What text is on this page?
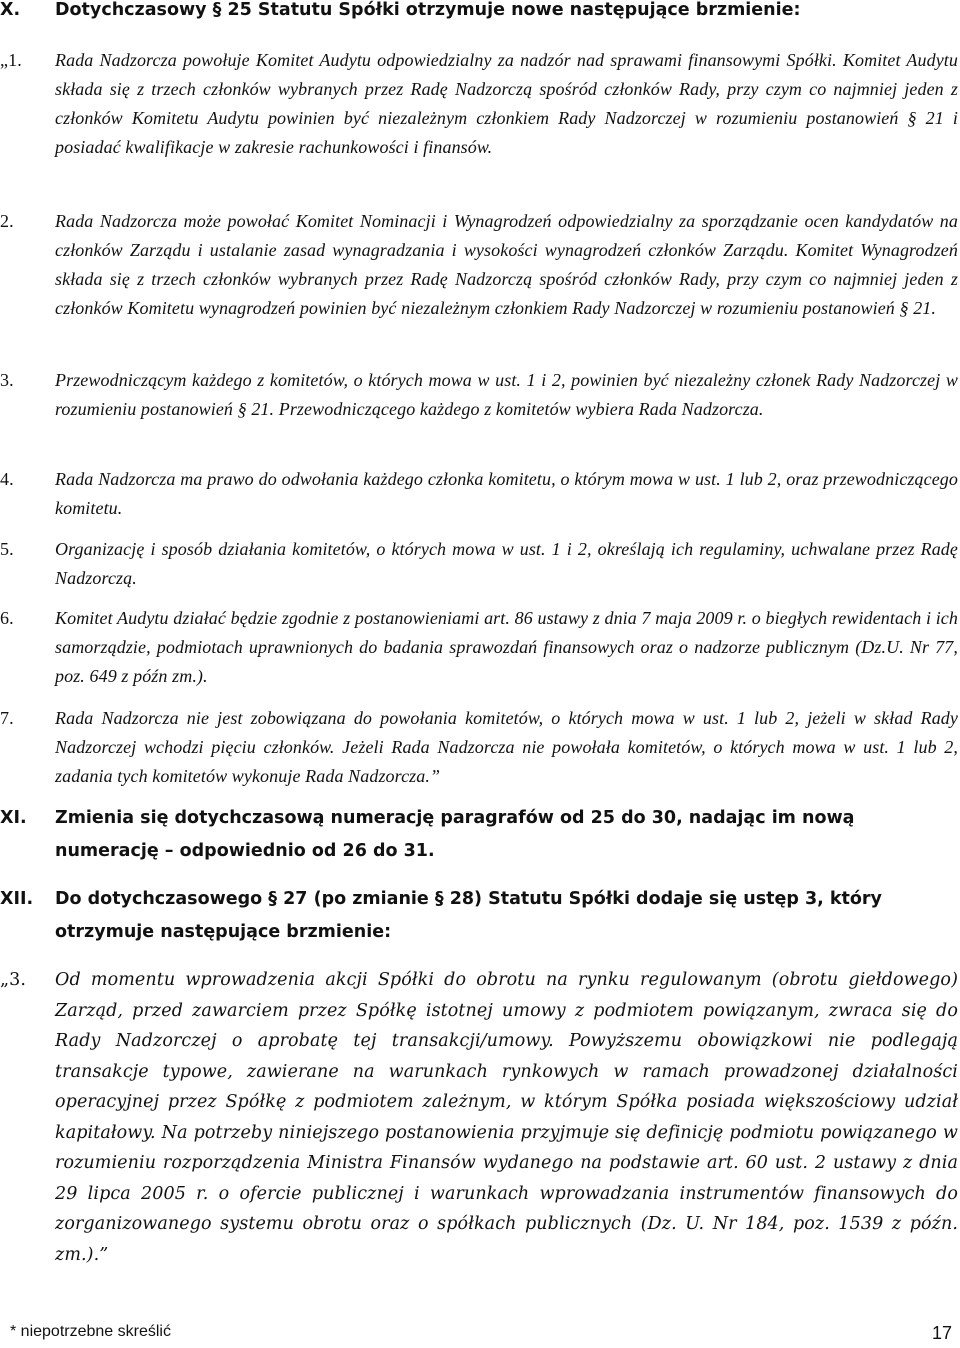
X.	Dotychczasowy § 25 Statutu Spółki otrzymuje nowe następujące brzmienie:
„1.	Rada Nadzorcza powołuje Komitet Audytu odpowiedzialny za nadzór nad sprawami finansowymi Spółki. Komitet Audytu składa się z trzech członków wybranych przez Radę Nadzorczą spośród członków Rady, przy czym co najmniej jeden z członków Komitetu Audytu powinien być niezależnym członkiem Rady Nadzorczej w rozumieniu postanowień § 21 i posiadać kwalifikacje w zakresie rachunkowości i finansów.
2.	Rada Nadzorcza może powołać Komitet Nominacji i Wynagrodzeń odpowiedzialny za sporządzanie ocen kandydatów na członków Zarządu i ustalanie zasad wynagradzania i wysokości wynagrodzeń członków Zarządu. Komitet Wynagrodzeń składa się z trzech członków wybranych przez Radę Nadzorczą spośród członków Rady, przy czym co najmniej jeden z członków Komitetu wynagrodzeń powinien być niezależnym członkiem Rady Nadzorczej w rozumieniu postanowień § 21.
3.	Przewodniczącym każdego z komitetów, o których mowa w ust. 1 i 2, powinien być niezależny członek Rady Nadzorczej w rozumieniu postanowień § 21. Przewodniczącego każdego z komitetów wybiera Rada Nadzorcza.
4.	Rada Nadzorcza ma prawo do odwołania każdego członka komitetu, o którym mowa w ust. 1 lub 2, oraz przewodniczącego komitetu.
5.	Organizację i sposób działania komitetów, o których mowa w ust. 1 i 2, określają ich regulaminy, uchwalane przez Radę Nadzorczą.
6.	Komitet Audytu działać będzie zgodnie z postanowieniami art. 86 ustawy z dnia 7 maja 2009 r. o biegłych rewidentach i ich samorządzie, podmiotach uprawnionych do badania sprawozdań finansowych oraz o nadzorze publicznym (Dz.U. Nr 77, poz. 649 z późn zm.).
7.	Rada Nadzorcza nie jest zobowiązana do powołania komitetów, o których mowa w ust. 1 lub 2, jeżeli w skład Rady Nadzorczej wchodzi pięciu członków. Jeżeli Rada Nadzorcza nie powołała komitetów, o których mowa w ust. 1 lub 2, zadania tych komitetów wykonuje Rada Nadzorcza.”
XI.	Zmienia się dotychczasową numerację paragrafów od 25 do 30, nadając im nową numerację – odpowiednio od 26 do 31.
XII.	Do dotychczasowego § 27 (po zmianie § 28) Statutu Spółki dodaje się ustęp 3, który otrzymuje następujące brzmienie:
„3.	Od momentu wprowadzenia akcji Spółki do obrotu na rynku regulowanym (obrotu giełdowego) Zarząd, przed zawarciem przez Spółkę istotnej umowy z podmiotem powiązanym, zwraca się do Rady Nadzorczej o aprobatę tej transakcji/umowy. Powyższemu obowiązkowi nie podlegają transakcje typowe, zawierane na warunkach rynkowych w ramach prowadzonej działalności operacyjnej przez Spółkę z podmiotem zależnym, w którym Spółka posiada większościowy udział kapitałowy. Na potrzeby niniejszego postanowienia przyjmuje się definicję podmiotu powiązanego w rozumieniu rozporządzenia Ministra Finansów wydanego na podstawie art. 60 ust. 2 ustawy z dnia 29 lipca 2005 r. o ofercie publicznej i warunkach wprowadzania instrumentów finansowych do zorganizowanego systemu obrotu oraz o spółkach publicznych (Dz. U. Nr 184, poz. 1539 z późn. zm.).”
* niepotrzebne skreślić	17
